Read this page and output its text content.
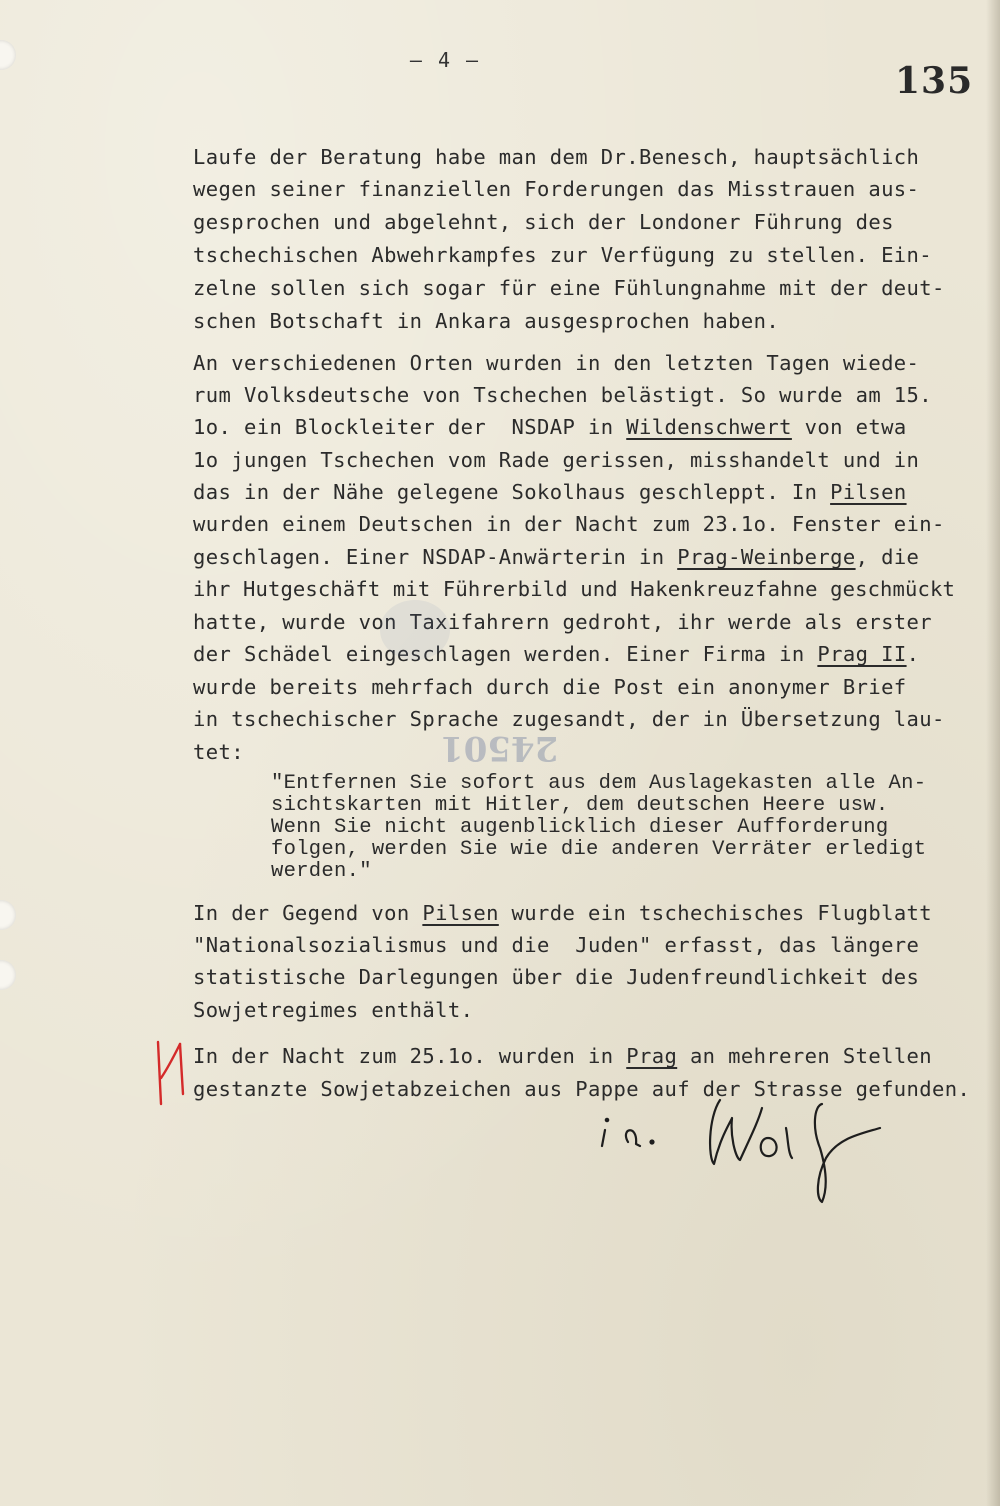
– 4 –	135

Laufe der Beratung habe man dem Dr.Benesch, hauptsächlich

wegen seiner finanziellen Forderungen das Misstrauen aus-

gesprochen und abgelehnt, sich der Londoner Führung des

tschechischen Abwehrkampfes zur Verfügung zu stellen. Ein-

zelne sollen sich sogar für eine Fühlungnahme mit der deut-

schen Botschaft in Ankara ausgesprochen haben.

An verschiedenen Orten wurden in den letzten Tagen wiede-

rum Volksdeutsche von Tschechen belästigt. So wurde am 15.

1o. ein Blockleiter der  NSDAP in Wildenschwert von etwa

1o jungen Tschechen vom Rade gerissen, misshandelt und in

das in der Nähe gelegene Sokolhaus geschleppt. In Pilsen

wurden einem Deutschen in der Nacht zum 23.1o. Fenster ein-

geschlagen. Einer NSDAP-Anwärterin in Prag-Weinberge, die

ihr Hutgeschäft mit Führerbild und Hakenkreuzfahne geschmückt

hatte, wurde von Taxifahrern gedroht, ihr werde als erster

der Schädel eingeschlagen werden. Einer Firma in Prag II.

wurde bereits mehrfach durch die Post ein anonymer Brief

in tschechischer Sprache zugesandt, der in Übersetzung lau-

tet:

"Entfernen Sie sofort aus dem Auslagekasten alle An-

sichtskarten mit Hitler, dem deutschen Heere usw.

Wenn Sie nicht augenblicklich dieser Aufforderung

folgen, werden Sie wie die anderen Verräter erledigt

werden."

In der Gegend von Pilsen wurde ein tschechisches Flugblatt

"Nationalsozialismus und die  Juden" erfasst, das längere

statistische Darlegungen über die Judenfreundlichkeit des

Sowjetregimes enthält.

In der Nacht zum 25.1o. wurden in Prag an mehreren Stellen

gestanzte Sowjetabzeichen aus Pappe auf der Strasse gefunden.

24501
